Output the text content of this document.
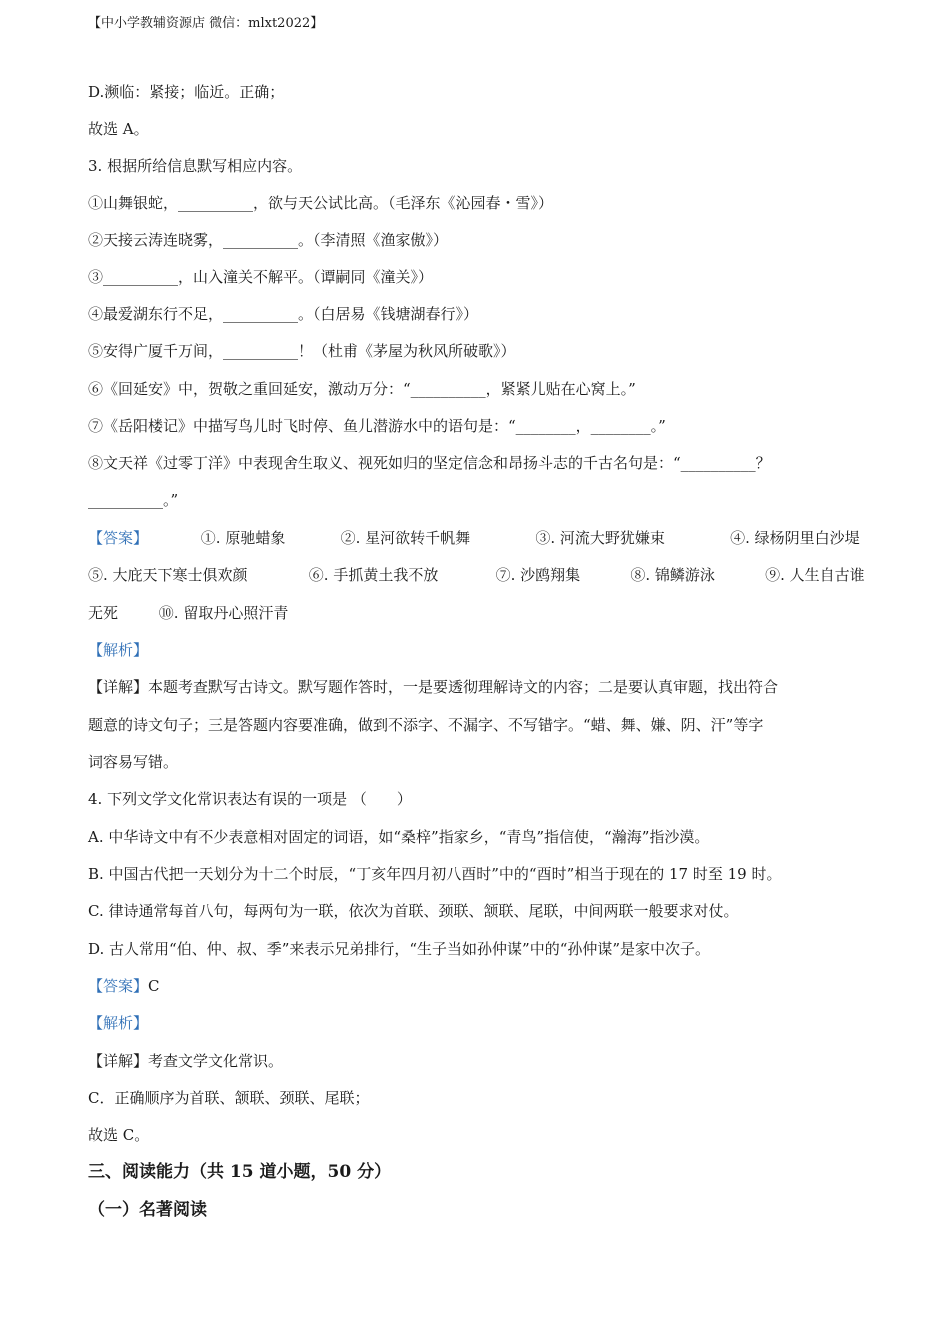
【中小学教辅资源店 微信：mlxt2022】
D.濒临：紧接；临近。正确；
故选 A。
3. 根据所给信息默写相应内容。
①山舞银蛇，__________，欲与天公试比高。（毛泽东《沁园春・雪》）
②天接云涛连晓雾，__________。（李清照《渔家傲》）
③__________，山入潼关不解平。（谭嗣同《潼关》）
④最爱湖东行不足，__________。（白居易《钱塘湖春行》）
⑤安得广厦千万间，__________！（杜甫《茅屋为秋风所破歌》）
⑥《回延安》中，贺敬之重回延安，激动万分：“__________，紧紧儿贴在心窝上。”
⑦《岳阳楼记》中描写鸟儿时飞时停、鱼儿潜游水中的语句是：“________，________。”
⑧文天祥《过零丁洋》中表现舍生取义、视死如归的坚定信念和昂扬斗志的千古名句是：“__________？
__________。”
【答案】	①. 原驰蜡象	②. 星河欲转千帆舞	③. 河流大野犹嫌束	④. 绿杨阴里白沙堤
⑤. 大庇天下寒士俱欢颜	⑥. 手抓黄土我不放	⑦. 沙鸥翔集	⑧. 锦鳞游泳	⑨. 人生自古谁
无死	⑩. 留取丹心照汗青
【解析】
【详解】本题考查默写古诗文。默写题作答时，一是要透彻理解诗文的内容；二是要认真审题，找出符合
题意的诗文句子；三是答题内容要准确，做到不添字、不漏字、不写错字。“蜡、舞、嫌、阴、汗”等字
词容易写错。
4. 下列文学文化常识表达有误的一项是 （　　）
A. 中华诗文中有不少表意相对固定的词语，如“桑梓”指家乡，“青鸟”指信使，“瀚海”指沙漠。
B. 中国古代把一天划分为十二个时辰，“丁亥年四月初八酉时”中的“酉时”相当于现在的 17 时至 19 时。
C. 律诗通常每首八句，每两句为一联，依次为首联、颈联、颔联、尾联，中间两联一般要求对仗。
D. 古人常用“伯、仲、叔、季”来表示兄弟排行，“生子当如孙仲谋”中的“孙仲谋”是家中次子。
【答案】C
【解析】
【详解】考查文学文化常识。
C．正确顺序为首联、颔联、颈联、尾联；
故选 C。
三、阅读能力（共 15 道小题，50 分）
（一）名著阅读
